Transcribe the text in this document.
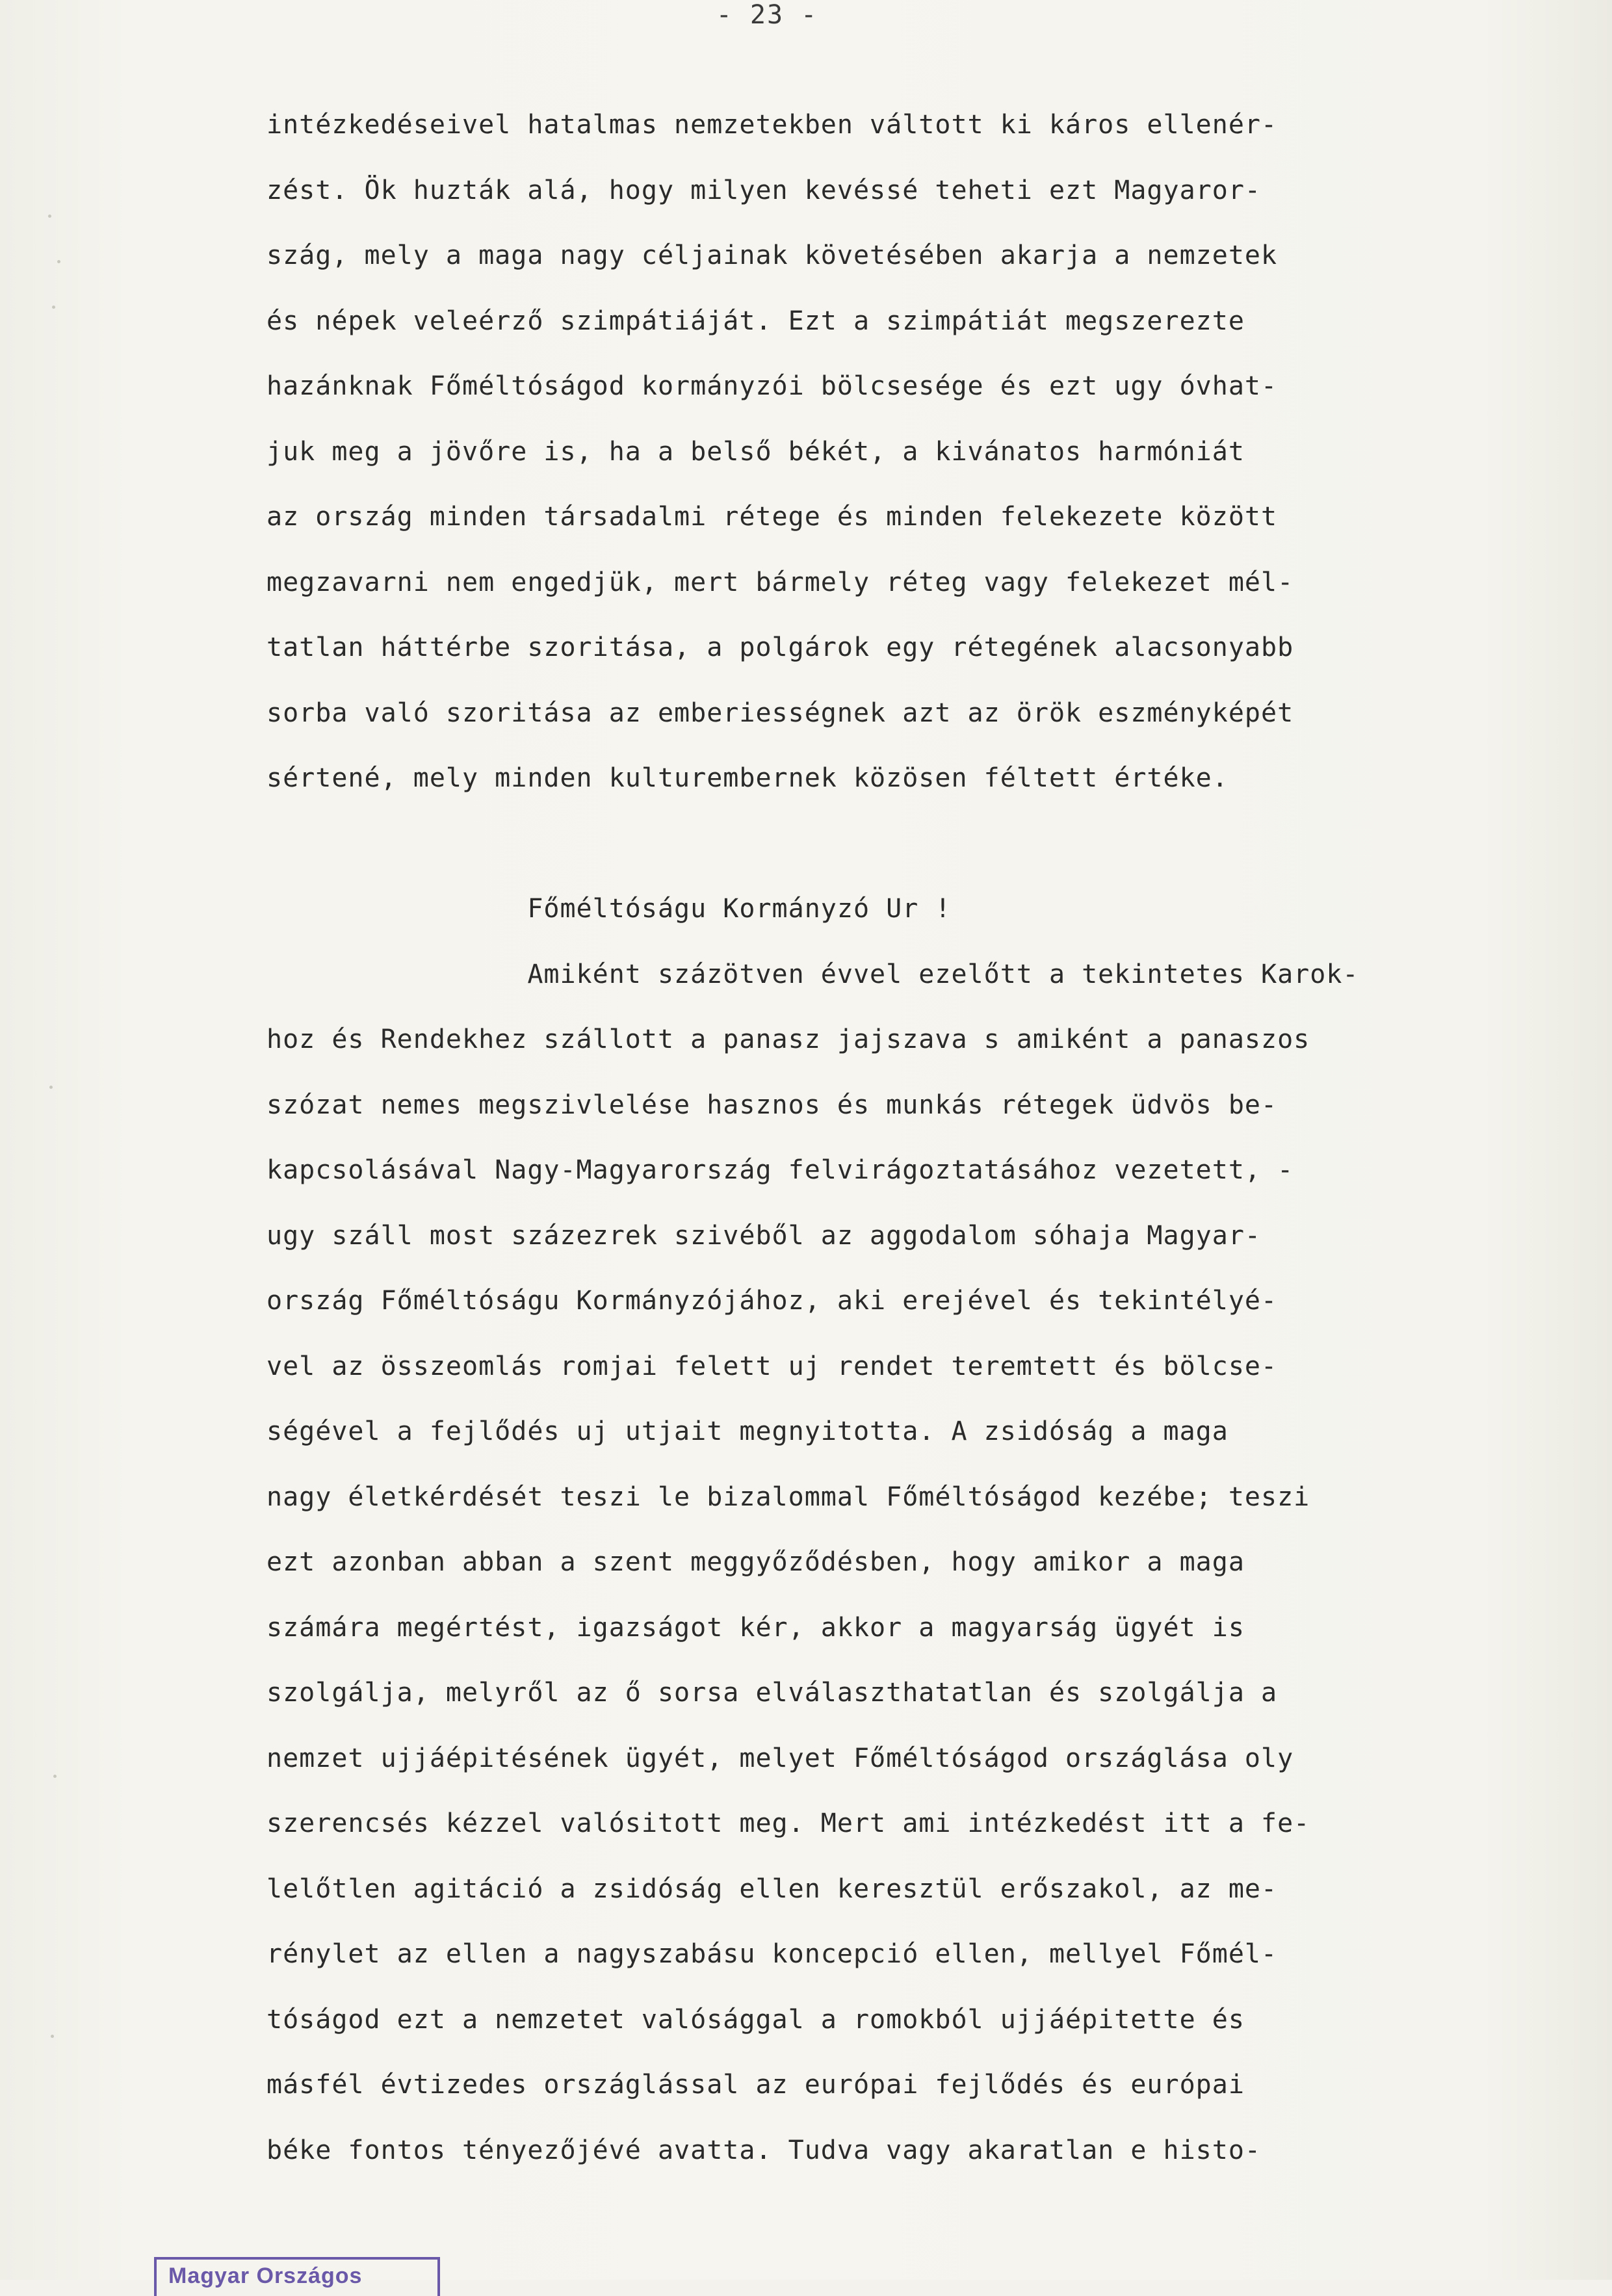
- 23 -
intézkedéseivel hatalmas nemzetekben váltott ki káros ellenér-
zést. Ök huzták alá, hogy milyen kevéssé teheti ezt Magyaror-
szág, mely a maga nagy céljainak követésében akarja a nemzetek
és népek veleérző szimpátiáját. Ezt a szimpátiát megszerezte
hazánknak Főméltóságod kormányzói bölcsesége és ezt ugy óvhat-
juk meg a jövőre is, ha a belső békét, a kivánatos harmóniát
az ország minden társadalmi rétege és minden felekezete között
megzavarni nem engedjük, mert bármely réteg vagy felekezet mél-
tatlan háttérbe szoritása, a polgárok egy rétegének alacsonyabb
sorba való szoritása az emberiességnek azt az örök eszményképét
sértené, mely minden kulturembernek közösen féltett értéke.
Főméltóságu Kormányzó Ur !
Amiként százötven évvel ezelőtt a tekintetes Karok-
hoz és Rendekhez szállott a panasz jajszava s amiként a panaszos
szózat nemes megszivlelése hasznos és munkás rétegek üdvös be-
kapcsolásával Nagy-Magyarország felvirágoztatásához vezetett, -
ugy száll most százezrek szivéből az aggodalom sóhaja Magyar-
ország Főméltóságu Kormányzójához, aki erejével és tekintélyé-
vel az összeomlás romjai felett uj rendet teremtett és bölcse-
ségével a fejlődés uj utjait megnyitotta. A zsidóság a maga
nagy életkérdését teszi le bizalommal Főméltóságod kezébe; teszi
ezt azonban abban a szent meggyőződésben, hogy amikor a maga
számára megértést, igazságot kér, akkor a magyarság ügyét is
szolgálja, melyről az ő sorsa elválaszthatatlan és szolgálja a
nemzet ujjáépitésének ügyét, melyet Főméltóságod országlása oly
szerencsés kézzel valósitott meg. Mert ami intézkedést itt a fe-
lelőtlen agitáció a zsidóság ellen keresztül erőszakol, az me-
rénylet az ellen a nagyszabásu koncepció ellen, mellyel Főmél-
tóságod ezt a nemzetet valósággal a romokból ujjáépitette és
másfél évtizedes országlással az európai fejlődés és európai
béke fontos tényezőjévé avatta. Tudva vagy akaratlan e histo-
Magyar Országos
